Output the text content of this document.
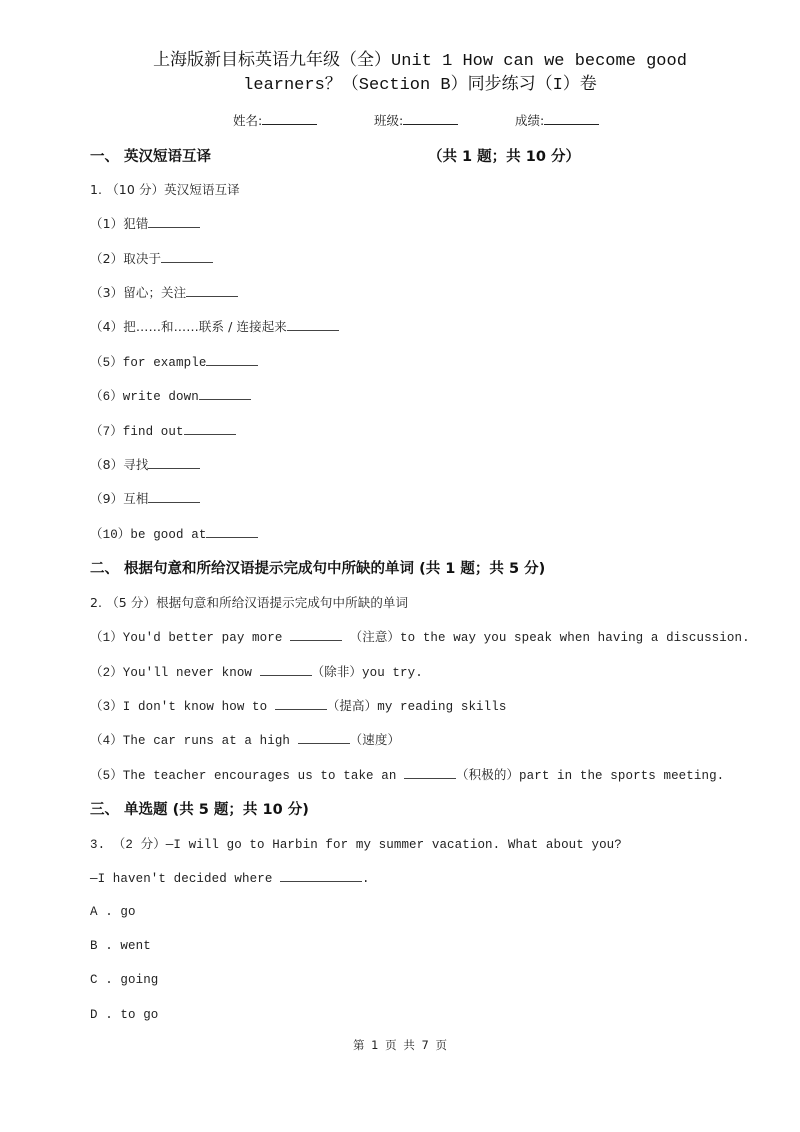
上海版新目标英语九年级（全）Unit 1 How can we become good
learners？（Section B）同步练习（I）卷
姓名:	班级:	成绩:
一、 英汉短语互译	（共 1 题；共 10 分）
1. （10 分）英汉短语互译
（1）犯错
（2）取决于
（3）留心；关注
（4）把……和……联系 / 连接起来
（5）for example
（6）write down
（7）find out
（8）寻找
（9）互相
（10）be good at
二、 根据句意和所给汉语提示完成句中所缺的单词 (共 1 题；共 5 分)
2. （5 分）根据句意和所给汉语提示完成句中所缺的单词
（1）You'd better pay more	（注意）to the way you speak when having a discussion.
（2）You'll never know	（除非）you try.
（3）I don't know how to	（提高）my reading skills
（4）The car runs at a high	（速度）
（5）The teacher encourages us to take an	（积极的）part in the sports meeting.
三、 单选题 (共 5 题；共 10 分)
3. （2 分）—I will go to Harbin for my summer vacation. What about you?
—I haven't decided where	.
A . go
B . went
C . going
D . to go
第 1 页 共 7 页
